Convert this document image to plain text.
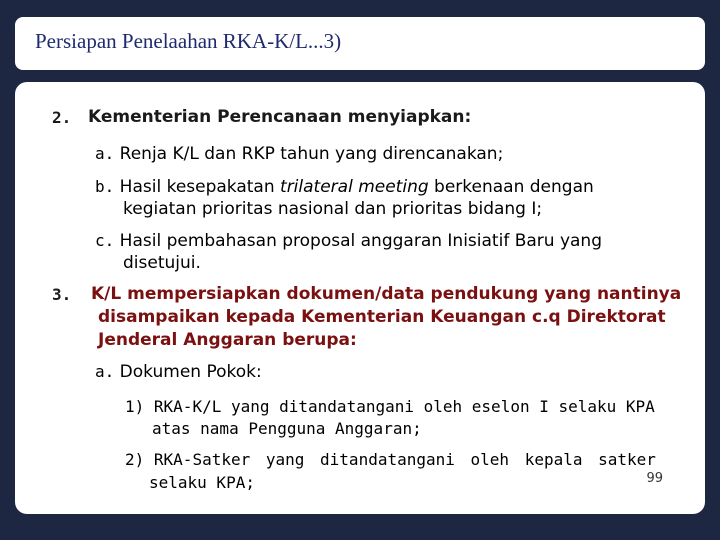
Persiapan Penelaahan RKA-K/L...3)
2. Kementerian Perencanaan menyiapkan:
a. Renja K/L dan RKP tahun yang direncanakan;
b. Hasil kesepakatan trilateral meeting berkenaan dengan
kegiatan prioritas nasional dan prioritas bidang I;
c. Hasil pembahasan proposal anggaran Inisiatif Baru yang
disetujui.
3. K/L mempersiapkan dokumen/data pendukung yang nantinya
disampaikan kepada Kementerian Keuangan c.q Direktorat
Jenderal Anggaran berupa:
a. Dokumen Pokok:
1) RKA-K/L yang ditandatangani oleh eselon I selaku KPA
atas nama Pengguna Anggaran;
2) RKA-Satker yang ditandatangani oleh kepala satker
selaku KPA;	99
